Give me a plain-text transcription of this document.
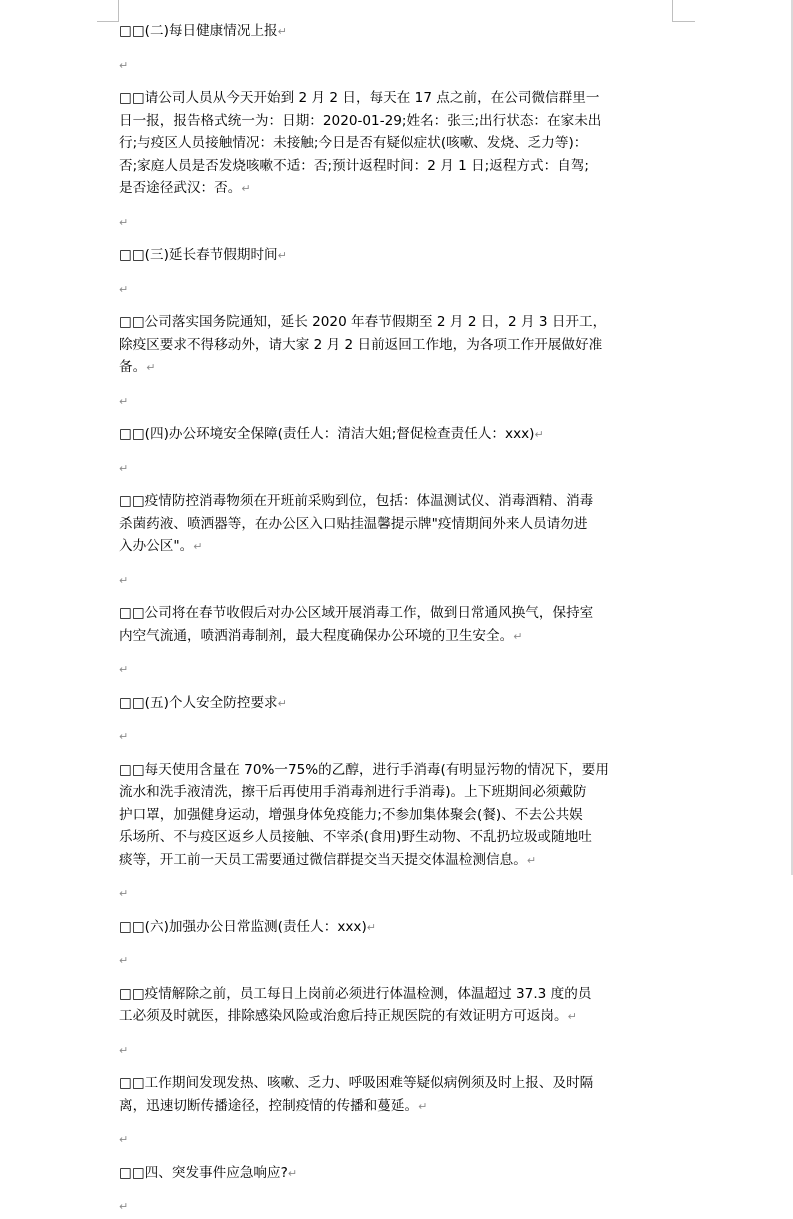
□□(二)每日健康情况上报↵
↵
□□请公司人员从今天开始到 2 月 2 日，每天在 17 点之前，在公司微信群里一
日一报，报告格式统一为：日期：2020-01-29;姓名：张三;出行状态：在家未出
行;与疫区人员接触情况：未接触;今日是否有疑似症状(咳嗽、发烧、乏力等)：
否;家庭人员是否发烧咳嗽不适：否;预计返程时间：2 月 1 日;返程方式：自驾;
是否途径武汉：否。↵
↵
□□(三)延长春节假期时间↵
↵
□□公司落实国务院通知，延长 2020 年春节假期至 2 月 2 日，2 月 3 日开工，
除疫区要求不得移动外，请大家 2 月 2 日前返回工作地，为各项工作开展做好准
备。↵
↵
□□(四)办公环境安全保障(责任人：清洁大姐;督促检查责任人：xxx)↵
↵
□□疫情防控消毒物须在开班前采购到位，包括：体温测试仪、消毒酒精、消毒
杀菌药液、喷洒器等，在办公区入口贴挂温馨提示牌"疫情期间外来人员请勿进
入办公区"。↵
↵
□□公司将在春节收假后对办公区域开展消毒工作，做到日常通风换气，保持室
内空气流通，喷洒消毒制剂，最大程度确保办公环境的卫生安全。↵
↵
□□(五)个人安全防控要求↵
↵
□□每天使用含量在 70%一75%的乙醇，进行手消毒(有明显污物的情况下，要用
流水和洗手液清洗，擦干后再使用手消毒剂进行手消毒)。上下班期间必须戴防
护口罩，加强健身运动，增强身体免疫能力;不参加集体聚会(餐)、不去公共娱
乐场所、不与疫区返乡人员接触、不宰杀(食用)野生动物、不乱扔垃圾或随地吐
痰等，开工前一天员工需要通过微信群提交当天提交体温检测信息。↵
↵
□□(六)加强办公日常监测(责任人：xxx)↵
↵
□□疫情解除之前，员工每日上岗前必须进行体温检测，体温超过 37.3 度的员
工必须及时就医，排除感染风险或治愈后持正规医院的有效证明方可返岗。↵
↵
□□工作期间发现发热、咳嗽、乏力、呼吸困难等疑似病例须及时上报、及时隔
离，迅速切断传播途径，控制疫情的传播和蔓延。↵
↵
□□四、突发事件应急响应?↵
↵
